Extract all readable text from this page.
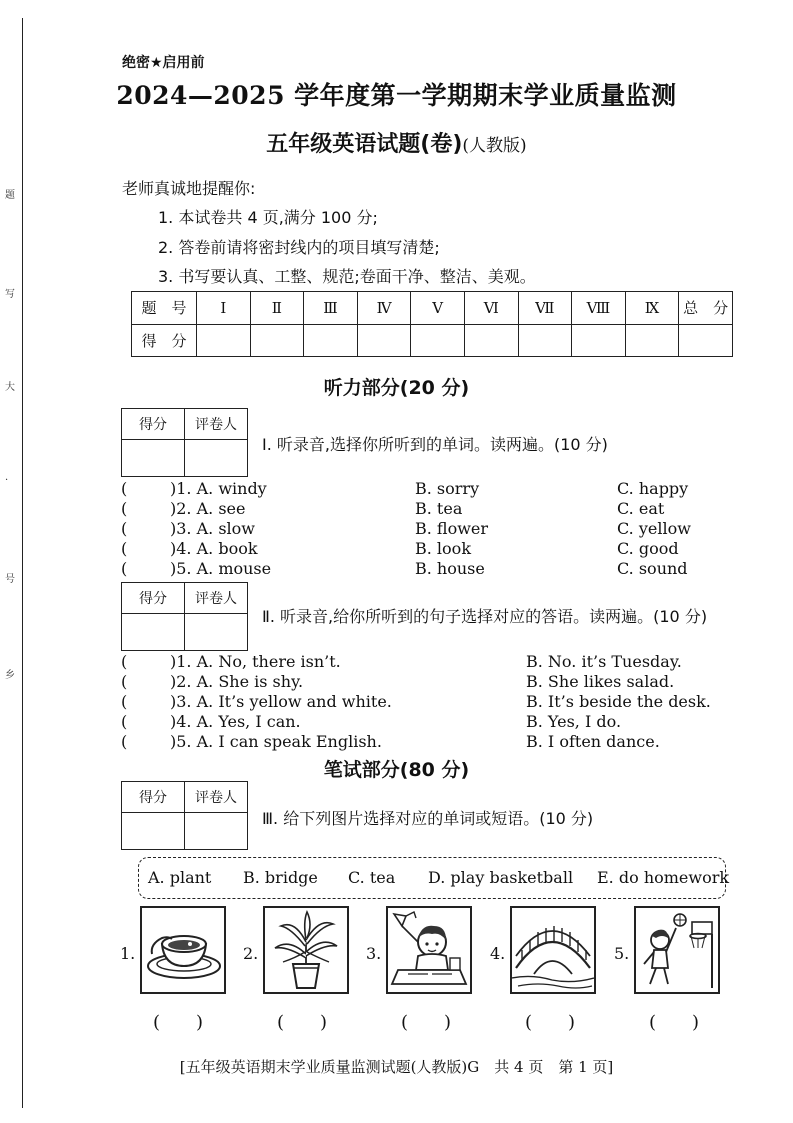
题
写
大
·
号
乡
绝密★启用前
2024—2025 学年度第一学期期末学业质量监测
五年级英语试题(卷)(人教版)
老师真诚地提醒你:
1. 本试卷共 4 页,满分 100 分;
2. 答卷前请将密封线内的项目填写清楚;
3. 书写要认真、工整、规范;卷面干净、整洁、美观。
题　号	Ⅰ	Ⅱ	Ⅲ	Ⅳ	Ⅴ	Ⅵ	Ⅶ	Ⅷ	Ⅸ	总　分
得　分										
听力部分(20 分)
得分	评卷人

Ⅰ. 听录音,选择你所听到的单词。读两遍。(10 分)
(	)1. A. windy	B. sorry	C. happy
(	)2. A. see	B. tea	C. eat
(	)3. A. slow	B. flower	C. yellow
(	)4. A. book	B. look	C. good
(	)5. A. mouse	B. house	C. sound
得分	评卷人

Ⅱ. 听录音,给你所听到的句子选择对应的答语。读两遍。(10 分)
(	)1. A. No, there isn’t.	B. No. it’s Tuesday.
(	)2. A. She is shy.	B. She likes salad.
(	)3. A. It’s yellow and white.	B. It’s beside the desk.
(	)4. A. Yes, I can.	B. Yes, I do.
(	)5. A. I can speak English.	B. I often dance.
笔试部分(80 分)
得分	评卷人

Ⅲ. 给下列图片选择对应的单词或短语。(10 分)
A. plant B. bridge C. tea D. play basketball E. do homework
1.	2.	3.	4.	5.
(　　)	(　　)	(　　)	(　　)	(　　)
[五年级英语期末学业质量监测试题(人教版)G　共 4 页　第 1 页]
